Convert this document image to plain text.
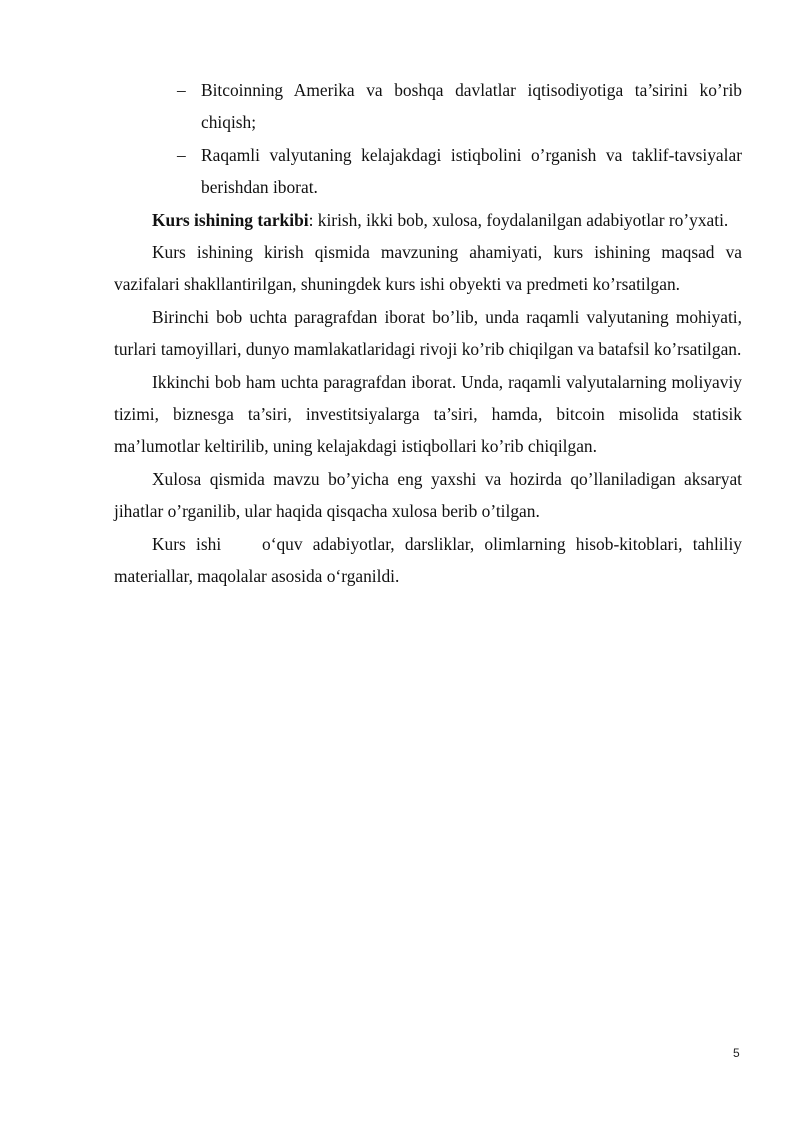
– Bitcoinning Amerika va boshqa davlatlar iqtisodiyotiga ta’sirini ko’rib chiqish;

– Raqamli valyutaning kelajakdagi istiqbolini o’rganish va taklif-tavsiyalar berishdan iborat.

Kurs ishining tarkibi: kirish, ikki bob, xulosa, foydalanilgan adabiyotlar ro’yxati.

Kurs ishining kirish qismida mavzuning ahamiyati, kurs ishining maqsad va vazifalari shakllantirilgan, shuningdek kurs ishi obyekti va predmeti ko’rsatilgan.

Birinchi bob uchta paragrafdan iborat bo’lib, unda raqamli valyutaning mohiyati, turlari tamoyillari, dunyo mamlakatlaridagi rivoji ko’rib chiqilgan va batafsil ko’rsatilgan.

Ikkinchi bob ham uchta paragrafdan iborat. Unda, raqamli valyutalarning moliyaviy tizimi, biznesga ta’siri, investitsiyalarga ta’siri, hamda, bitcoin misolida statisik ma’lumotlar keltirilib, uning kelajakdagi istiqbollari ko’rib chiqilgan.

Xulosa qismida mavzu bo’yicha eng yaxshi va hozirda qo’llaniladigan aksaryat jihatlar o’rganilib, ular haqida qisqacha xulosa berib o’tilgan.

Kurs ishi    o‘quv adabiyotlar, darsliklar, olimlarning hisob-kitoblari, tahliliy materiallar, maqolalar asosida o‘rganildi.

5
